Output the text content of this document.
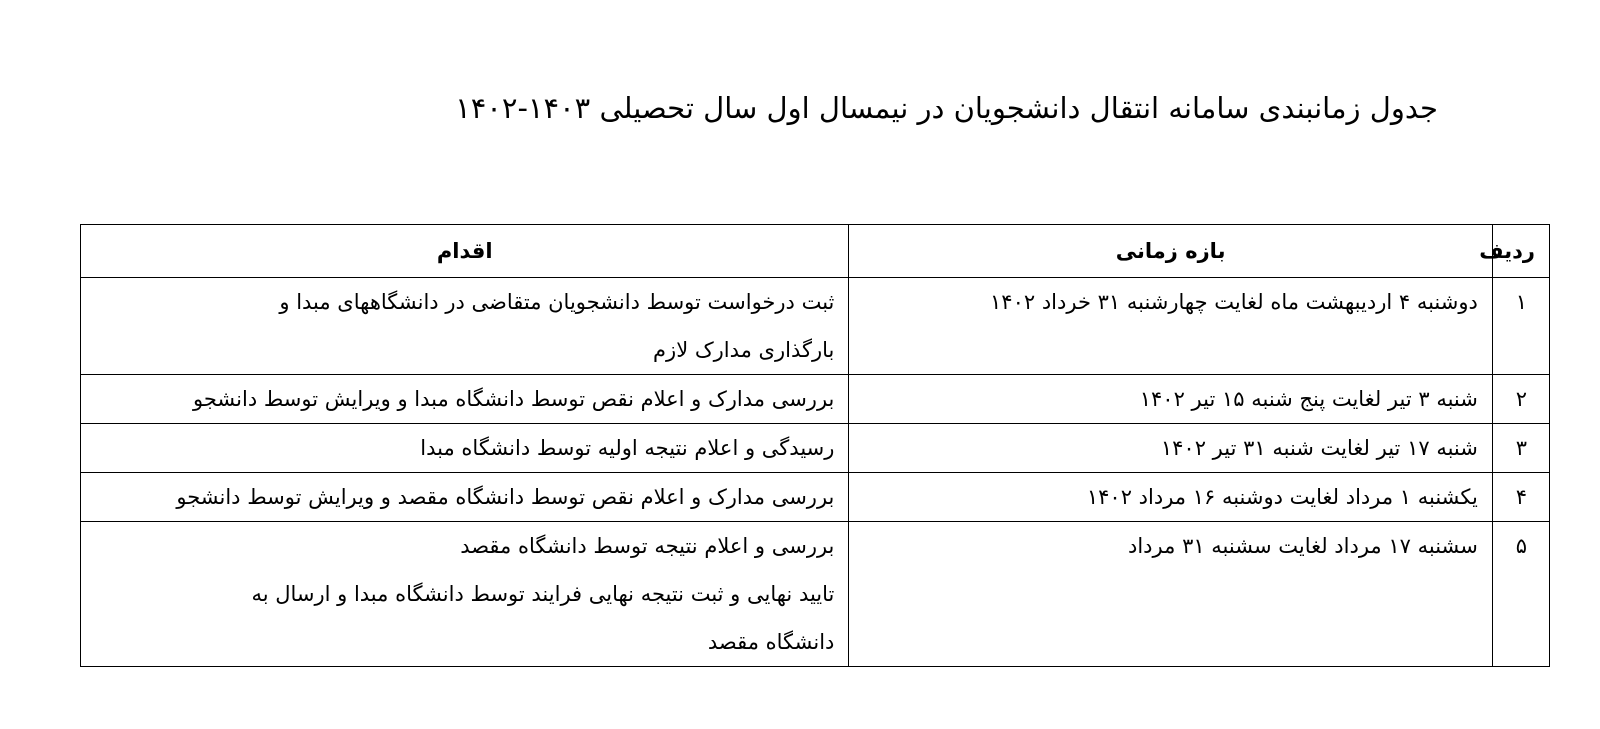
جدول زمانبندی سامانه انتقال دانشجویان در نیمسال اول سال تحصیلی ۱۴۰۳-۱۴۰۲
ردیف	بازه زمانی	اقدام
۱	دوشنبه ۴ اردیبهشت ماه لغایت چهارشنبه ۳۱ خرداد ۱۴۰۲	ثبت درخواست توسط دانشجویان متقاضی در دانشگاههای مبدا و
بارگذاری مدارک لازم

۲	شنبه ۳ تیر لغایت پنج شنبه ۱۵ تیر ۱۴۰۲	بررسی مدارک و اعلام نقص توسط دانشگاه مبدا و ویرایش توسط دانشجو

۳	شنبه ۱۷ تیر لغایت شنبه ۳۱ تیر ۱۴۰۲	رسیدگی و اعلام نتیجه اولیه توسط دانشگاه مبدا

۴	یکشنبه ۱ مرداد لغایت دوشنبه ۱۶ مرداد ۱۴۰۲	بررسی مدارک و اعلام نقص توسط دانشگاه مقصد و ویرایش توسط دانشجو

۵	سشنبه ۱۷ مرداد لغایت سشنبه ۳۱ مرداد	بررسی و اعلام نتیجه توسط دانشگاه مقصد
تایید نهایی و ثبت نتیجه نهایی فرایند توسط دانشگاه مبدا و ارسال به
دانشگاه مقصد
